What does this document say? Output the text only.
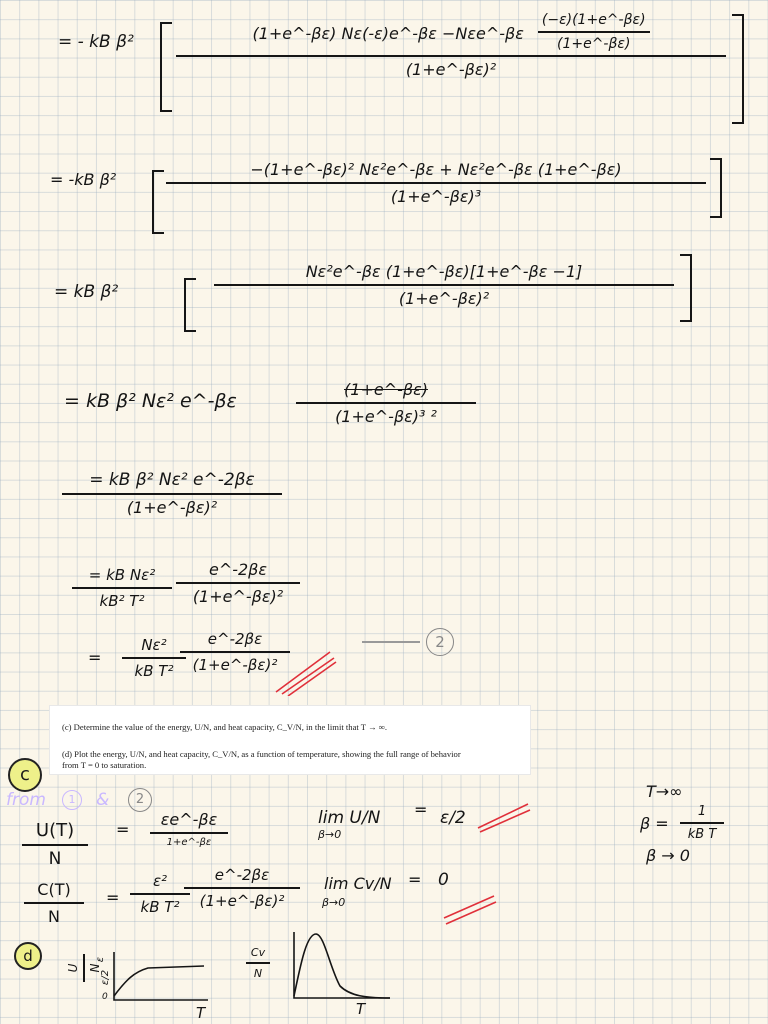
= - kB β²	(1+e^-βε) Nε(-ε)e^-βε −Nεe^-βε $\frac{(-\varepsilon)(1+e\^{}-\beta\varepsilon)}{(1+e\^{}-\beta\varepsilon)}$
(1+e^-βε)²
= -kB β²
−(1+e^-βε)² Nε²e^-βε + Nε²e^-βε (1+e^-βε)
(1+e^-βε)³
= kB β²
Nε²e^-βε (1+e^-βε)[1+e^-βε −1]
(1+e^-βε)²
= kB β² Nε² e^-βε
(1+e^-βε)
(1+e^-βε)³ ²
= kB β² Nε² e^-2βε
(1+e^-βε)²
= kB Nε²
kB² T²
e^-2βε
(1+e^-βε)²
=
Nε²
kB T²
e^-2βε
(1+e^-βε)²
2

(c) Determine the value of the energy, U/N, and heat capacity, C_V/N, in the limit that T → ∞.

(d) Plot the energy, U/N, and heat capacity, C_V/N, as a function of temperature, showing the full range of behavior

from T = 0 to saturation.

c
from	1	&	2
U(T)
N
=
εe^-βε
1+e^-βε
lim U/N
β→0
= ε/2
C(T)
N
=
ε²
kB T²
e^-2βε
(1+e^-βε)²
lim Cv/N
β→0
= 0
T→∞
β =
1
kB T
β → 0
d
U N
ε
ε/2
0
T
Cv
N
T
